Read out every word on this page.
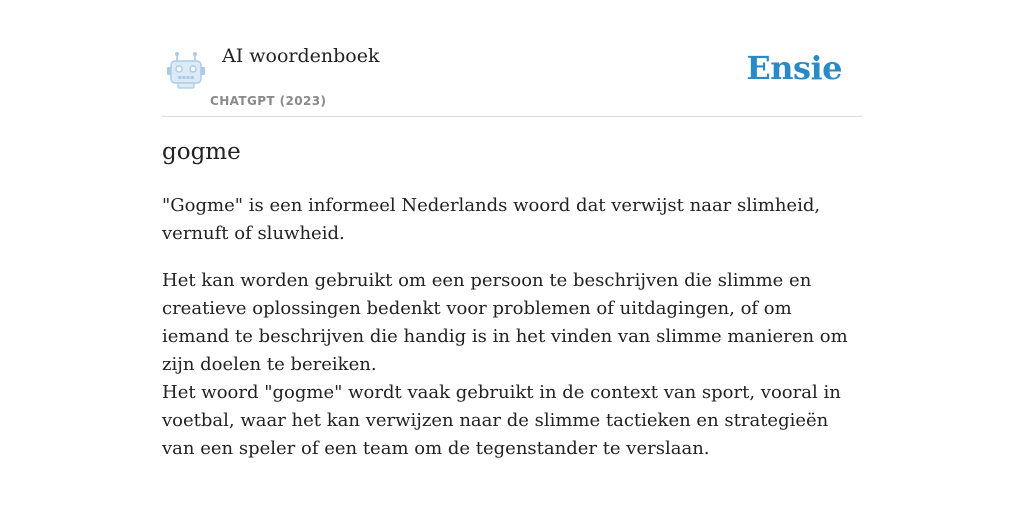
AI woordenboek
CHATGPT (2023)
Ensie
gogme

"Gogme" is een informeel Nederlands woord dat verwijst naar slimheid, vernuft of sluwheid.

Het kan worden gebruikt om een persoon te beschrijven die slimme en creatieve oplossingen bedenkt voor problemen of uitdagingen, of om iemand te beschrijven die handig is in het vinden van slimme manieren om zijn doelen te bereiken.

Het woord "gogme" wordt vaak gebruikt in de context van sport, vooral in voetbal, waar het kan verwijzen naar de slimme tactieken en strategieën van een speler of een team om de tegenstander te verslaan.
